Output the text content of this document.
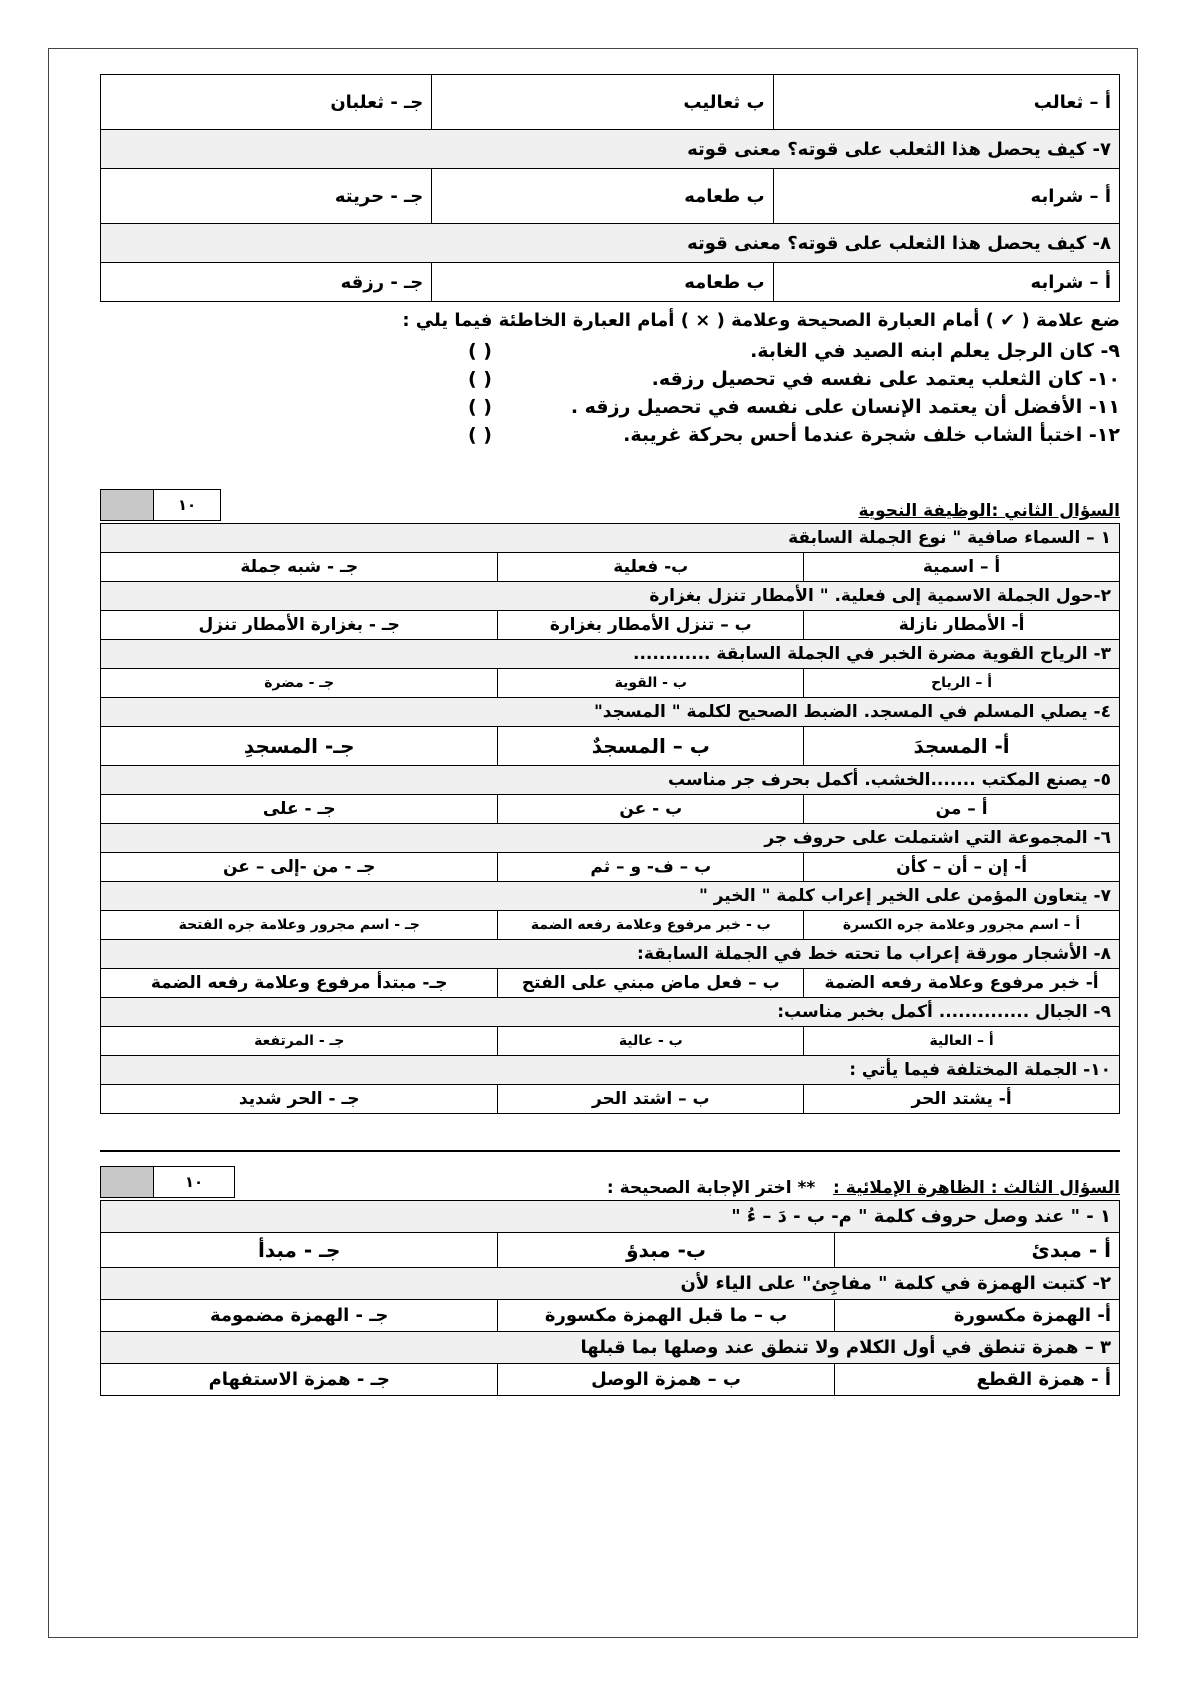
أ – ثعالب	ب ثعاليب	جـ - ثعلبان
٧- كيف يحصل هذا الثعلب على قوته؟ معنى قوته		
أ – شرابه	ب طعامه	جـ - حريته
٨- كيف يحصل هذا الثعلب على قوته؟ معنى قوته		
أ – شرابه	ب طعامه	جـ - رزقه
ضع علامة ( ✔ ) أمام العبارة الصحيحة وعلامة ( × ) أمام العبارة الخاطئة فيما يلي :
٩- كان الرجل يعلم ابنه الصيد في الغابة.
( )
١٠- كان الثعلب يعتمد على نفسه في تحصيل رزقه.
( )
١١- الأفضل أن يعتمد الإنسان على نفسه في تحصيل رزقه .
( )
١٢- اختبأ الشاب خلف شجرة عندما أحس بحركة غريبة.
( )
السؤال الثاني :الوظيفة النحوية
١٠
١ – السماء صافية " نوع الجملة السابقة		
أ – اسمية	ب- فعلية	جـ - شبه جملة
٢-حول الجملة الاسمية إلى فعلية. " الأمطار تنزل بغزارة		
أ- الأمطار نازلة	ب – تنزل الأمطار بغزارة	جـ - بغزارة الأمطار تنزل
٣- الرياح القوية مضرة الخبر في الجملة السابقة ............		
أ – الرياح	ب - القوية	جـ - مضرة
٤- يصلي المسلم في المسجد. الضبط الصحيح لكلمة " المسجد"		
أ- المسجدَ	ب – المسجدٌ	جـ- المسجدِ
٥- يصنع المكتب .......الخشب. أكمل بحرف جر مناسب		
أ – من	ب - عن	جـ - على
٦- المجموعة التي اشتملت على حروف جر		
أ- إن – أن – كأن	ب – ف- و – ثم	جـ - من -إلى – عن
٧- يتعاون المؤمن على الخير إعراب كلمة " الخير "		
أ – اسم مجرور وعلامة جره الكسرة	ب - خبر مرفوع وعلامة رفعه الضمة	جـ - اسم مجرور وعلامة جره الفتحة
٨- الأشجار مورقة إعراب ما تحته خط في الجملة السابقة:		
أ- خبر مرفوع وعلامة رفعه الضمة	ب – فعل ماض مبني على الفتح	جـ- مبتدأ مرفوع وعلامة رفعه الضمة
٩- الجبال .............. أكمل بخبر مناسب:		
أ – العالية	ب - عالية	جـ - المرتفعة
١٠- الجملة المختلفة فيما يأتي :		
أ- يشتد الحر	ب – اشتد الحر	جـ - الحر شديد
السؤال الثالث : الظاهرة الإملائية :   ** اختر الإجابة الصحيحة :
١٠
١ - " عند وصل حروف كلمة " م- ب - دَ – ءُ "		
أ - مبدئ	ب- مبدؤ	جـ - مبدأ
٢- كتبت الهمزة في كلمة " مفاجِئ" على الياء لأن		
أ- الهمزة مكسورة	ب – ما قبل الهمزة مكسورة	جـ - الهمزة مضمومة
٣ – همزة تنطق في أول الكلام ولا تنطق عند وصلها بما قبلها		
أ - همزة القطع	ب – همزة الوصل	جـ - همزة الاستفهام
